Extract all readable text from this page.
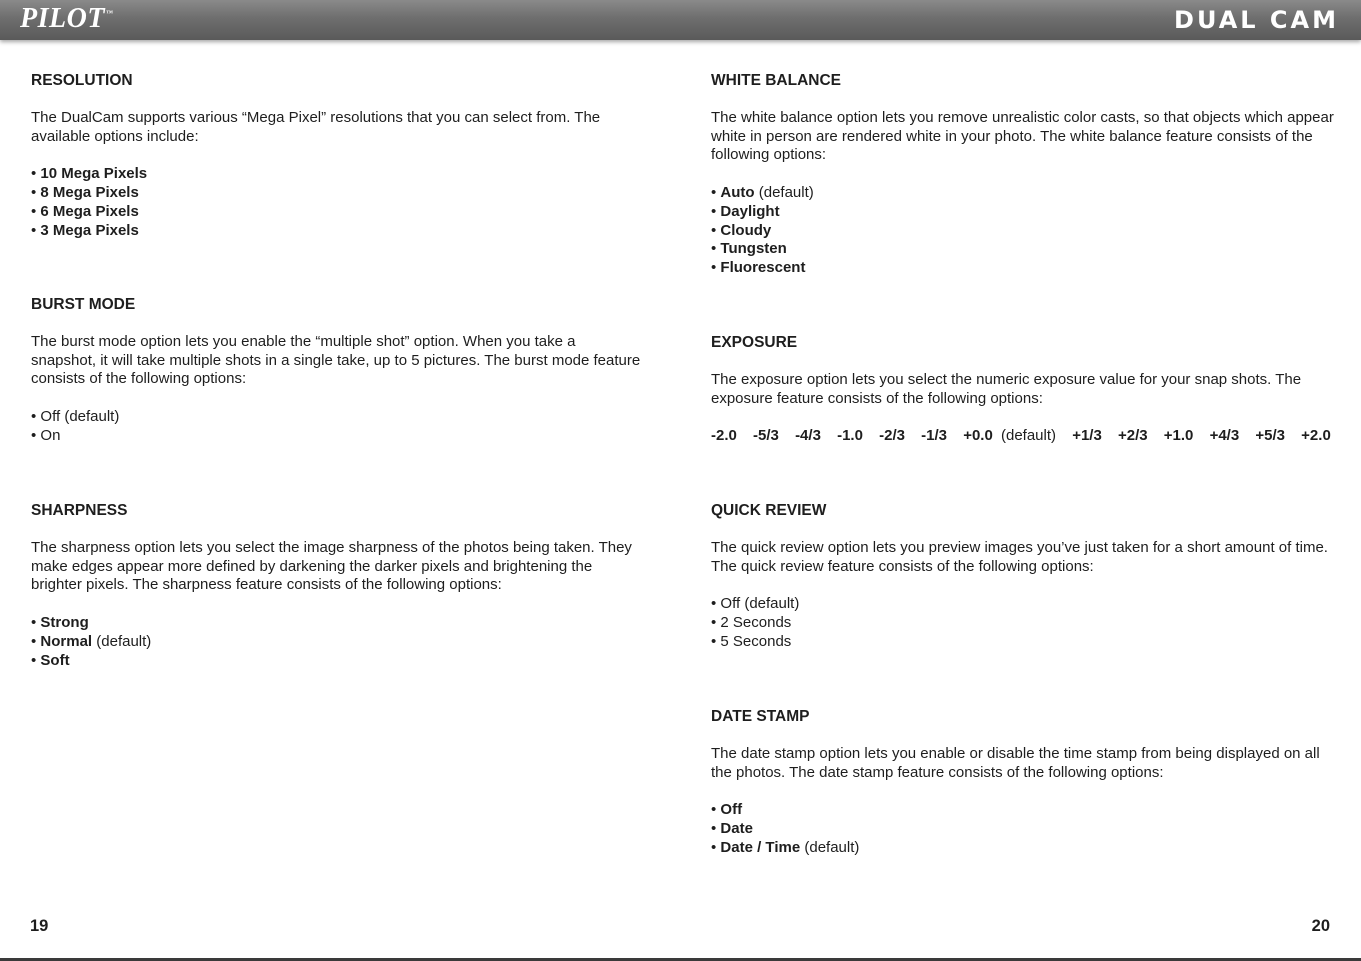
PILOT™	DUAL CAM
RESOLUTION

The DualCam supports various “Mega Pixel” resolutions that you can select from. The available options include:

• 10 Mega Pixels
• 8 Mega Pixels
• 6 Mega Pixels
• 3 Mega Pixels
BURST MODE

The burst mode option lets you enable the “multiple shot” option. When you take a snapshot, it will take multiple shots in a single take, up to 5 pictures. The burst mode feature consists of the following options:

• Off (default)
• On
SHARPNESS

The sharpness option lets you select the image sharpness of the photos being taken. They make edges appear more defined by darkening the darker pixels and brightening the brighter pixels. The sharpness feature consists of the following options:

• Strong
• Normal (default)
• Soft
WHITE BALANCE

The white balance option lets you remove unrealistic color casts, so that objects which appear white in person are rendered white in your photo. The white balance feature consists of the following options:

• Auto (default)
• Daylight
• Cloudy
• Tungsten
• Fluorescent
EXPOSURE

The exposure option lets you select the numeric exposure value for your snap shots. The exposure feature consists of the following options:

-2.0 -5/3 -4/3 -1.0 -2/3 -1/3 +0.0 (default) +1/3 +2/3 +1.0 +4/3 +5/3 +2.0
QUICK REVIEW

The quick review option lets you preview images you’ve just taken for a short amount of time. The quick review feature consists of the following options:

• Off (default)
• 2 Seconds
• 5 Seconds
DATE STAMP

The date stamp option lets you enable or disable the time stamp from being displayed on all the photos. The date stamp feature consists of the following options:

• Off
• Date
• Date / Time (default)
19	20
